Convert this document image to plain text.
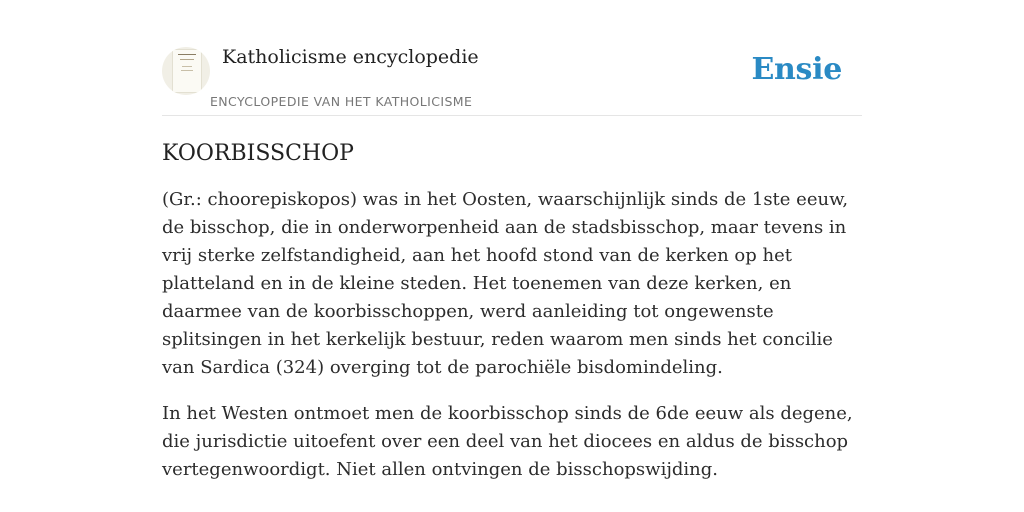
Katholicisme encyclopedie
ENCYCLOPEDIE VAN HET KATHOLICISME
Ensie
KOORBISSCHOP

(Gr.: choorepiskopos) was in het Oosten, waarschijnlijk sinds de 1ste eeuw, de bisschop, die in onderworpenheid aan de stadsbisschop, maar tevens in vrij sterke zelfstandigheid, aan het hoofd stond van de kerken op het platteland en in de kleine steden. Het toenemen van deze kerken, en daarmee van de koorbisschoppen, werd aanleiding tot ongewenste splitsingen in het kerkelijk bestuur, reden waarom men sinds het concilie van Sardica (324) overging tot de parochiële bisdomindeling.

In het Westen ontmoet men de koorbisschop sinds de 6de eeuw als degene, die jurisdictie uitoefent over een deel van het diocees en aldus de bisschop vertegenwoordigt. Niet allen ontvingen de bisschopswijding.
